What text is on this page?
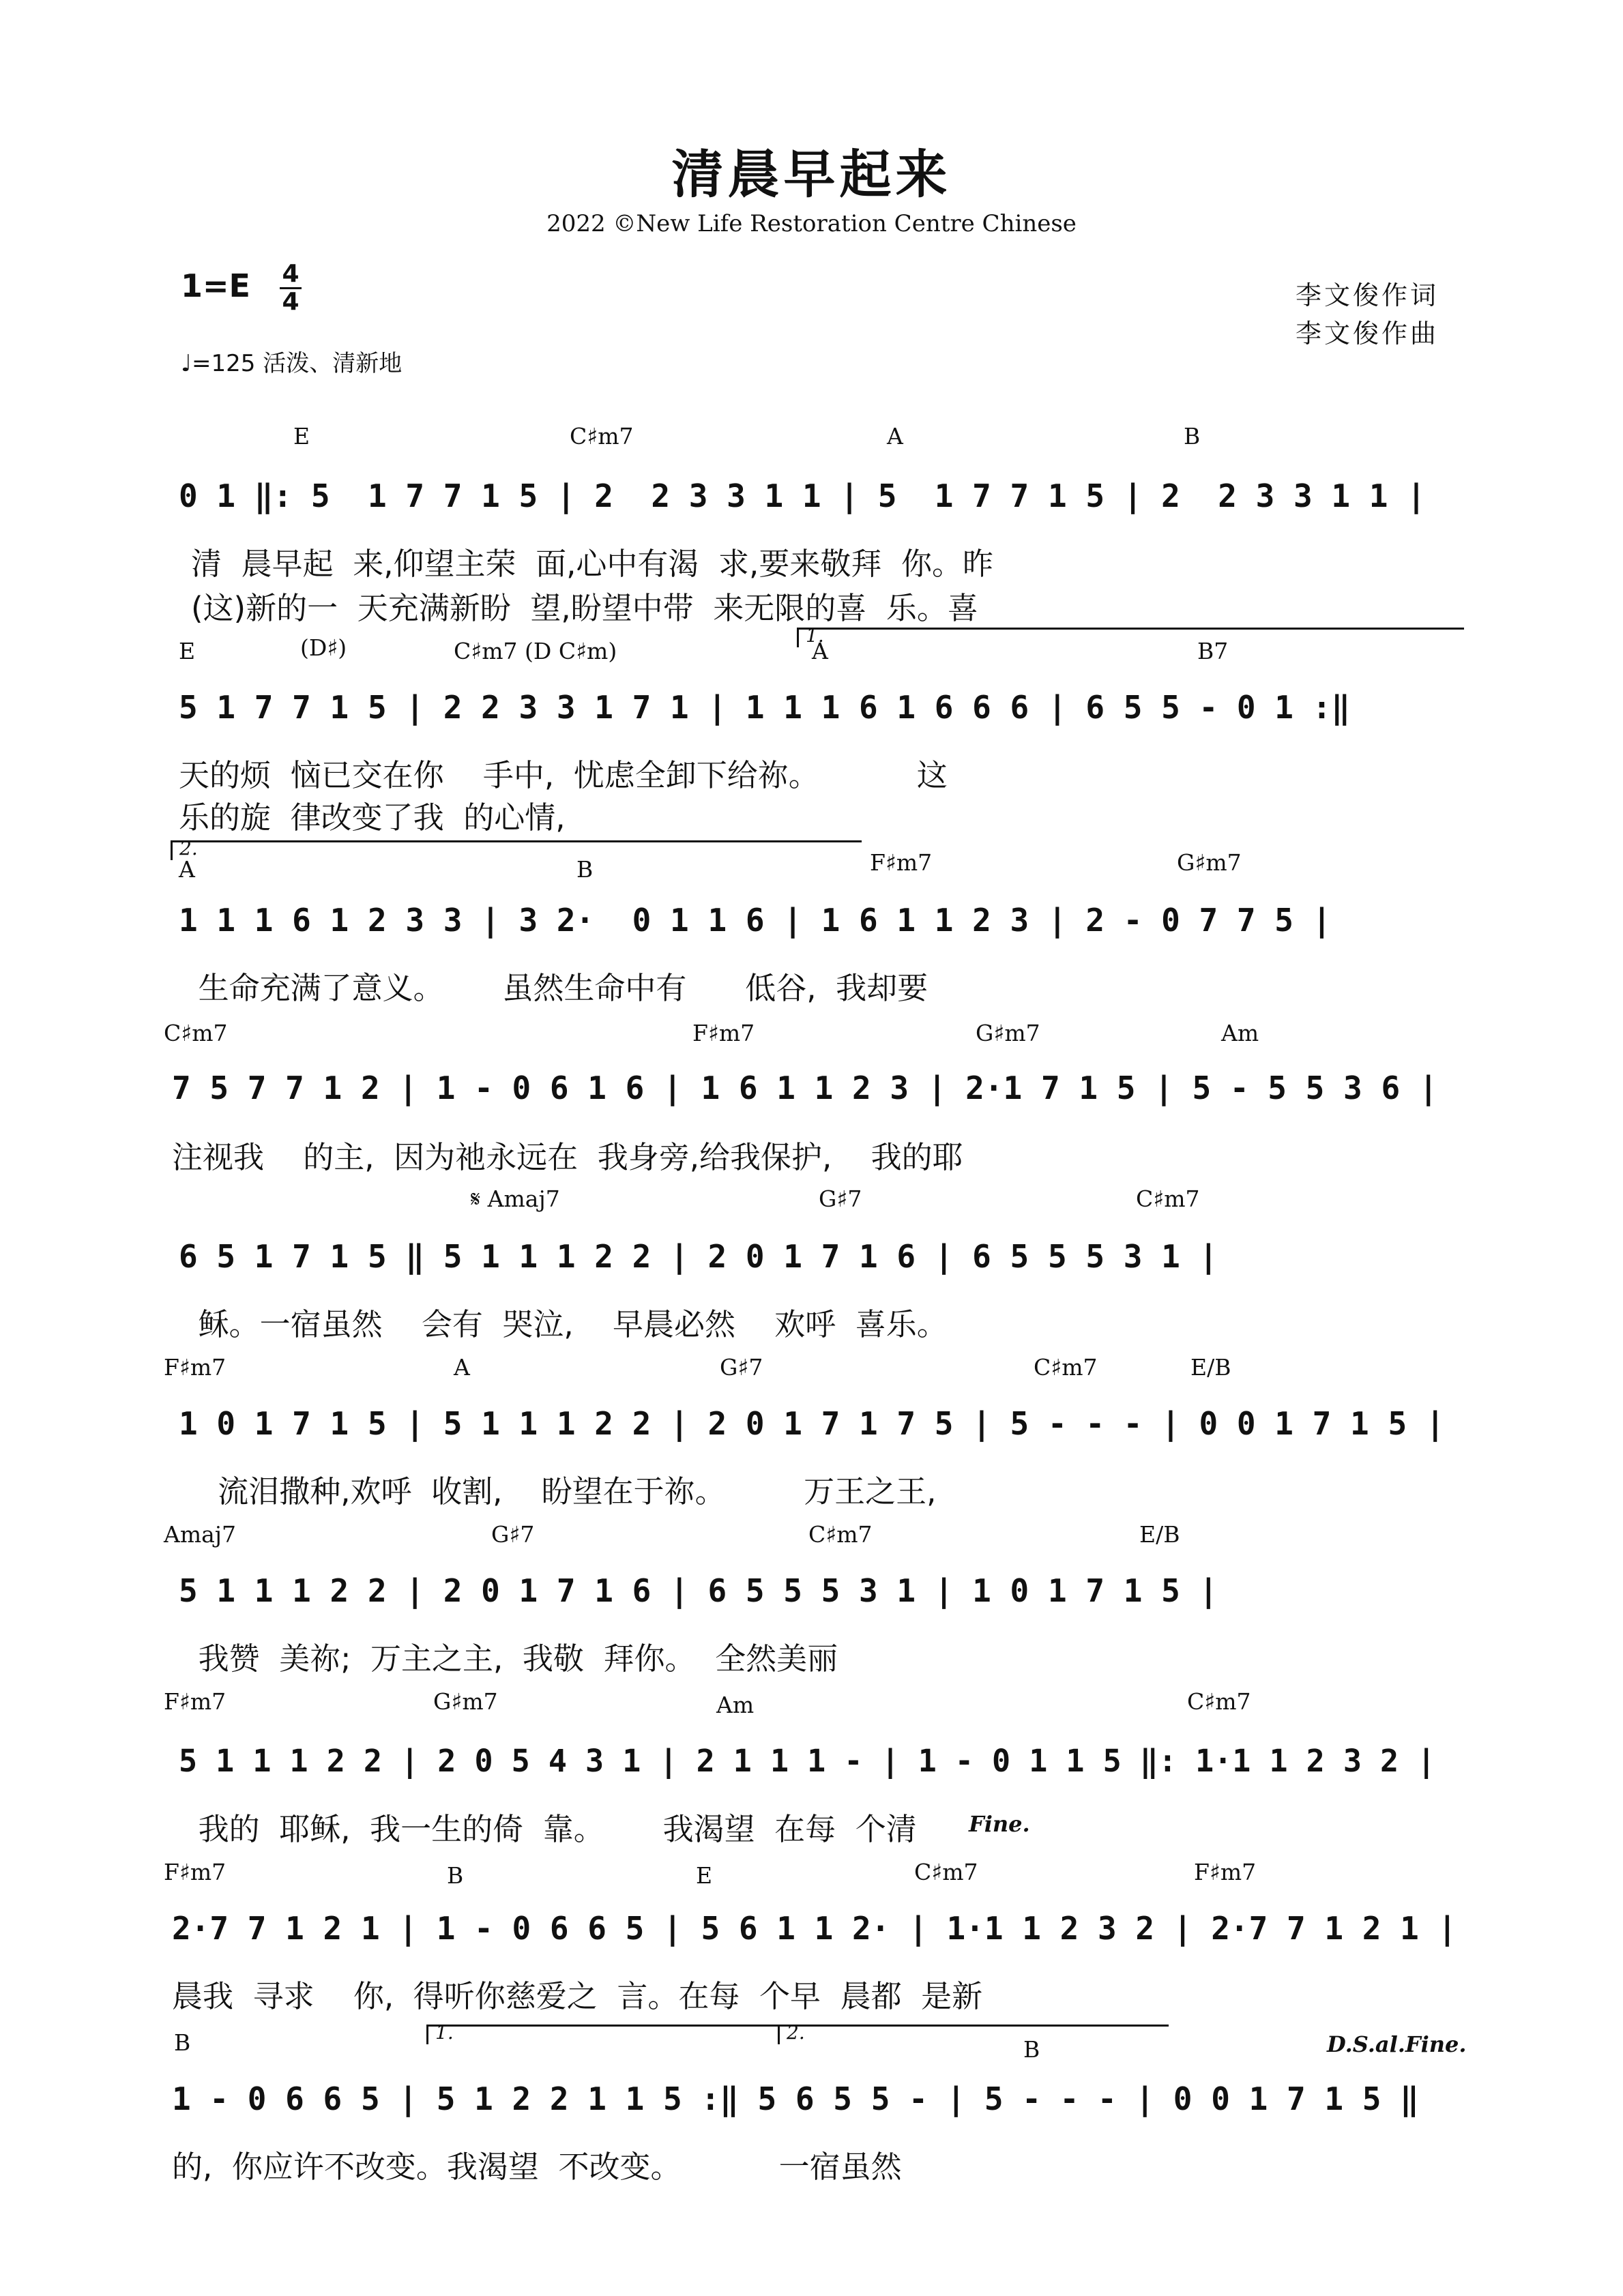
清晨早起来
2022 ©New Life Restoration Centre Chinese
1=E 4
4
♩=125 活泼、清新地
李文俊作词
李文俊作曲
E	C♯m7	A	B
0 1 ‖: 5  1 7 7 1 5 | 2  2 3 3 1 1 | 5  1 7 7 1 5 | 2  2 3 3 1 1 |
清  晨早起  来,仰望主荣  面,心中有渴  求,要来敬拜  你。昨
(这)新的一  天充满新盼  望,盼望中带  来无限的喜  乐。喜
E	(D♯)	C♯m7 (D C♯m)	A	B7
1.
5 1 7 7 1 5 | 2 2 3 3 1 7 1 | 1 1 1 6 1 6 6 6 | 6 5 5 - 0 1 :‖
天的烦  恼已交在你    手中,  忧虑全卸下给祢。          这
乐的旋  律改变了我  的心情,
2.
A	B	F♯m7	G♯m7
1 1 1 6 1 2 3 3 | 3 2·  0 1 1 6 | 1 6 1 1 2 3 | 2 - 0 7 7 5 |
生命充满了意义。      虽然生命中有      低谷,  我却要
C♯m7	F♯m7	G♯m7	Am
7 5 7 7 1 2 | 1 - 0 6 1 6 | 1 6 1 1 2 3 | 2·1 7 1 5 | 5 - 5 5 3 6 |
注视我    的主,  因为祂永远在  我身旁,给我保护,    我的耶
𝄋 Amaj7	G♯7	C♯m7
6 5 1 7 1 5 ‖ 5 1 1 1 2 2 | 2 0 1 7 1 6 | 6 5 5 5 3 1 |
稣。一宿虽然    会有  哭泣,    早晨必然    欢呼  喜乐。
F♯m7	A	G♯7	C♯m7	E/B
1 0 1 7 1 5 | 5 1 1 1 2 2 | 2 0 1 7 1 7 5 | 5 - - - | 0 0 1 7 1 5 |
流泪撒种,欢呼  收割,    盼望在于祢。        万王之王,
Amaj7	G♯7	C♯m7	E/B
5 1 1 1 2 2 | 2 0 1 7 1 6 | 6 5 5 5 3 1 | 1 0 1 7 1 5 |
我赞  美祢;  万主之主,  我敬  拜你。  全然美丽
F♯m7	G♯m7	Am	C♯m7
5 1 1 1 2 2 | 2 0 5 4 3 1 | 2 1 1 1 - | 1 - 0 1 1 5 ‖: 1·1 1 2 3 2 |
Fine.
我的  耶稣,  我一生的倚  靠。      我渴望  在每  个清
F♯m7	B	E	C♯m7	F♯m7
2·7 7 1 2 1 | 1 - 0 6 6 5 | 5 6 1 1 2· | 1·1 1 2 3 2 | 2·7 7 1 2 1 |
晨我  寻求    你,  得听你慈爱之  言。在每  个早  晨都  是新
B	1.	2.
B	D.S.al.Fine.
1 - 0 6 6 5 | 5 1 2 2 1 1 5 :‖ 5 6 5 5 - | 5 - - - | 0 0 1 7 1 5 ‖
的,  你应许不改变。我渴望  不改变。          一宿虽然
